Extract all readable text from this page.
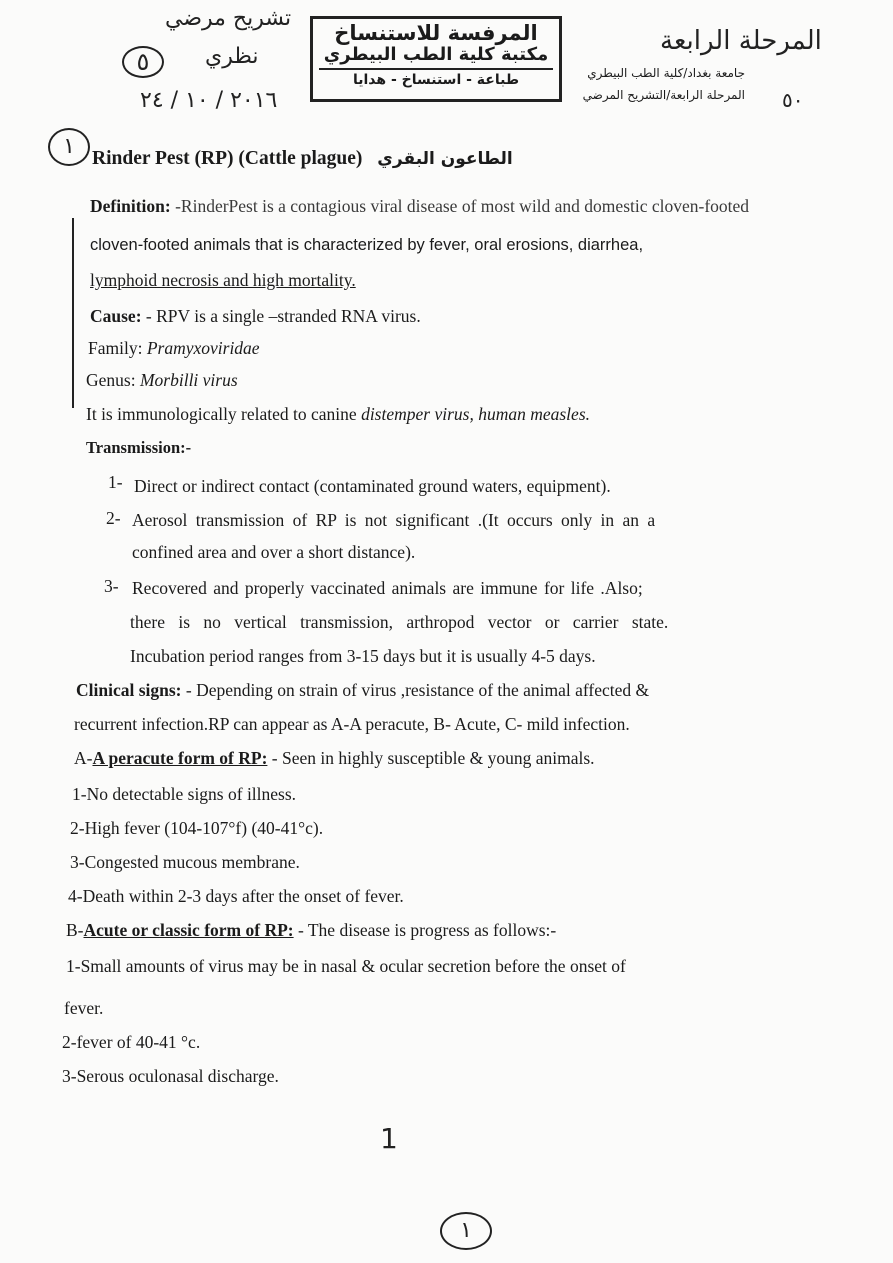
تشريح مرضي
نظري
٥
٢٠١٦ / ١٠ / ٢٤
المرفسة للاستنساخ
مكتبة كلية الطب البيطري
طباعة - استنساخ - هدايا
المرحلة الرابعة
جامعة بغداد/كلية الطب البيطري
المرحلة الرابعة/التشريح المرضي ٥٠
١ Rinder Pest (RP) (Cattle plague) الطاعون البقري
Definition: -RinderPest is a contagious viral disease of most wild and domestic cloven-footed
cloven-footed animals that is characterized by fever, oral erosions, diarrhea,
lymphoid necrosis and high mortality.
Cause: - RPV is a single –stranded RNA virus.
Family: Pramyxoviridae
Genus: Morbilli virus
It is immunologically related to canine distemper virus, human measles.
Transmission:-
1- Direct or indirect contact (contaminated ground waters, equipment).
2- Aerosol transmission of RP is not significant .(It occurs only in an a
confined area and over a short distance).
3- Recovered and properly vaccinated animals are immune for life .Also;
there is no vertical transmission, arthropod vector or carrier state.
Incubation period ranges from 3-15 days but it is usually 4-5 days.
Clinical signs: - Depending on strain of virus ,resistance of the animal affected &
recurrent infection.RP can appear as A-A peracute, B- Acute, C- mild infection.
A-A peracute form of RP: - Seen in highly susceptible & young animals.
1-No detectable signs of illness.
2-High fever (104-107°f) (40-41°c).
3-Congested mucous membrane.
4-Death within 2-3 days after the onset of fever.
B-Acute or classic form of RP: - The disease is progress as follows:-
1-Small amounts of virus may be in nasal & ocular secretion before the onset of
fever.
2-fever of 40-41 °c.
3-Serous oculonasal discharge.
1
١
